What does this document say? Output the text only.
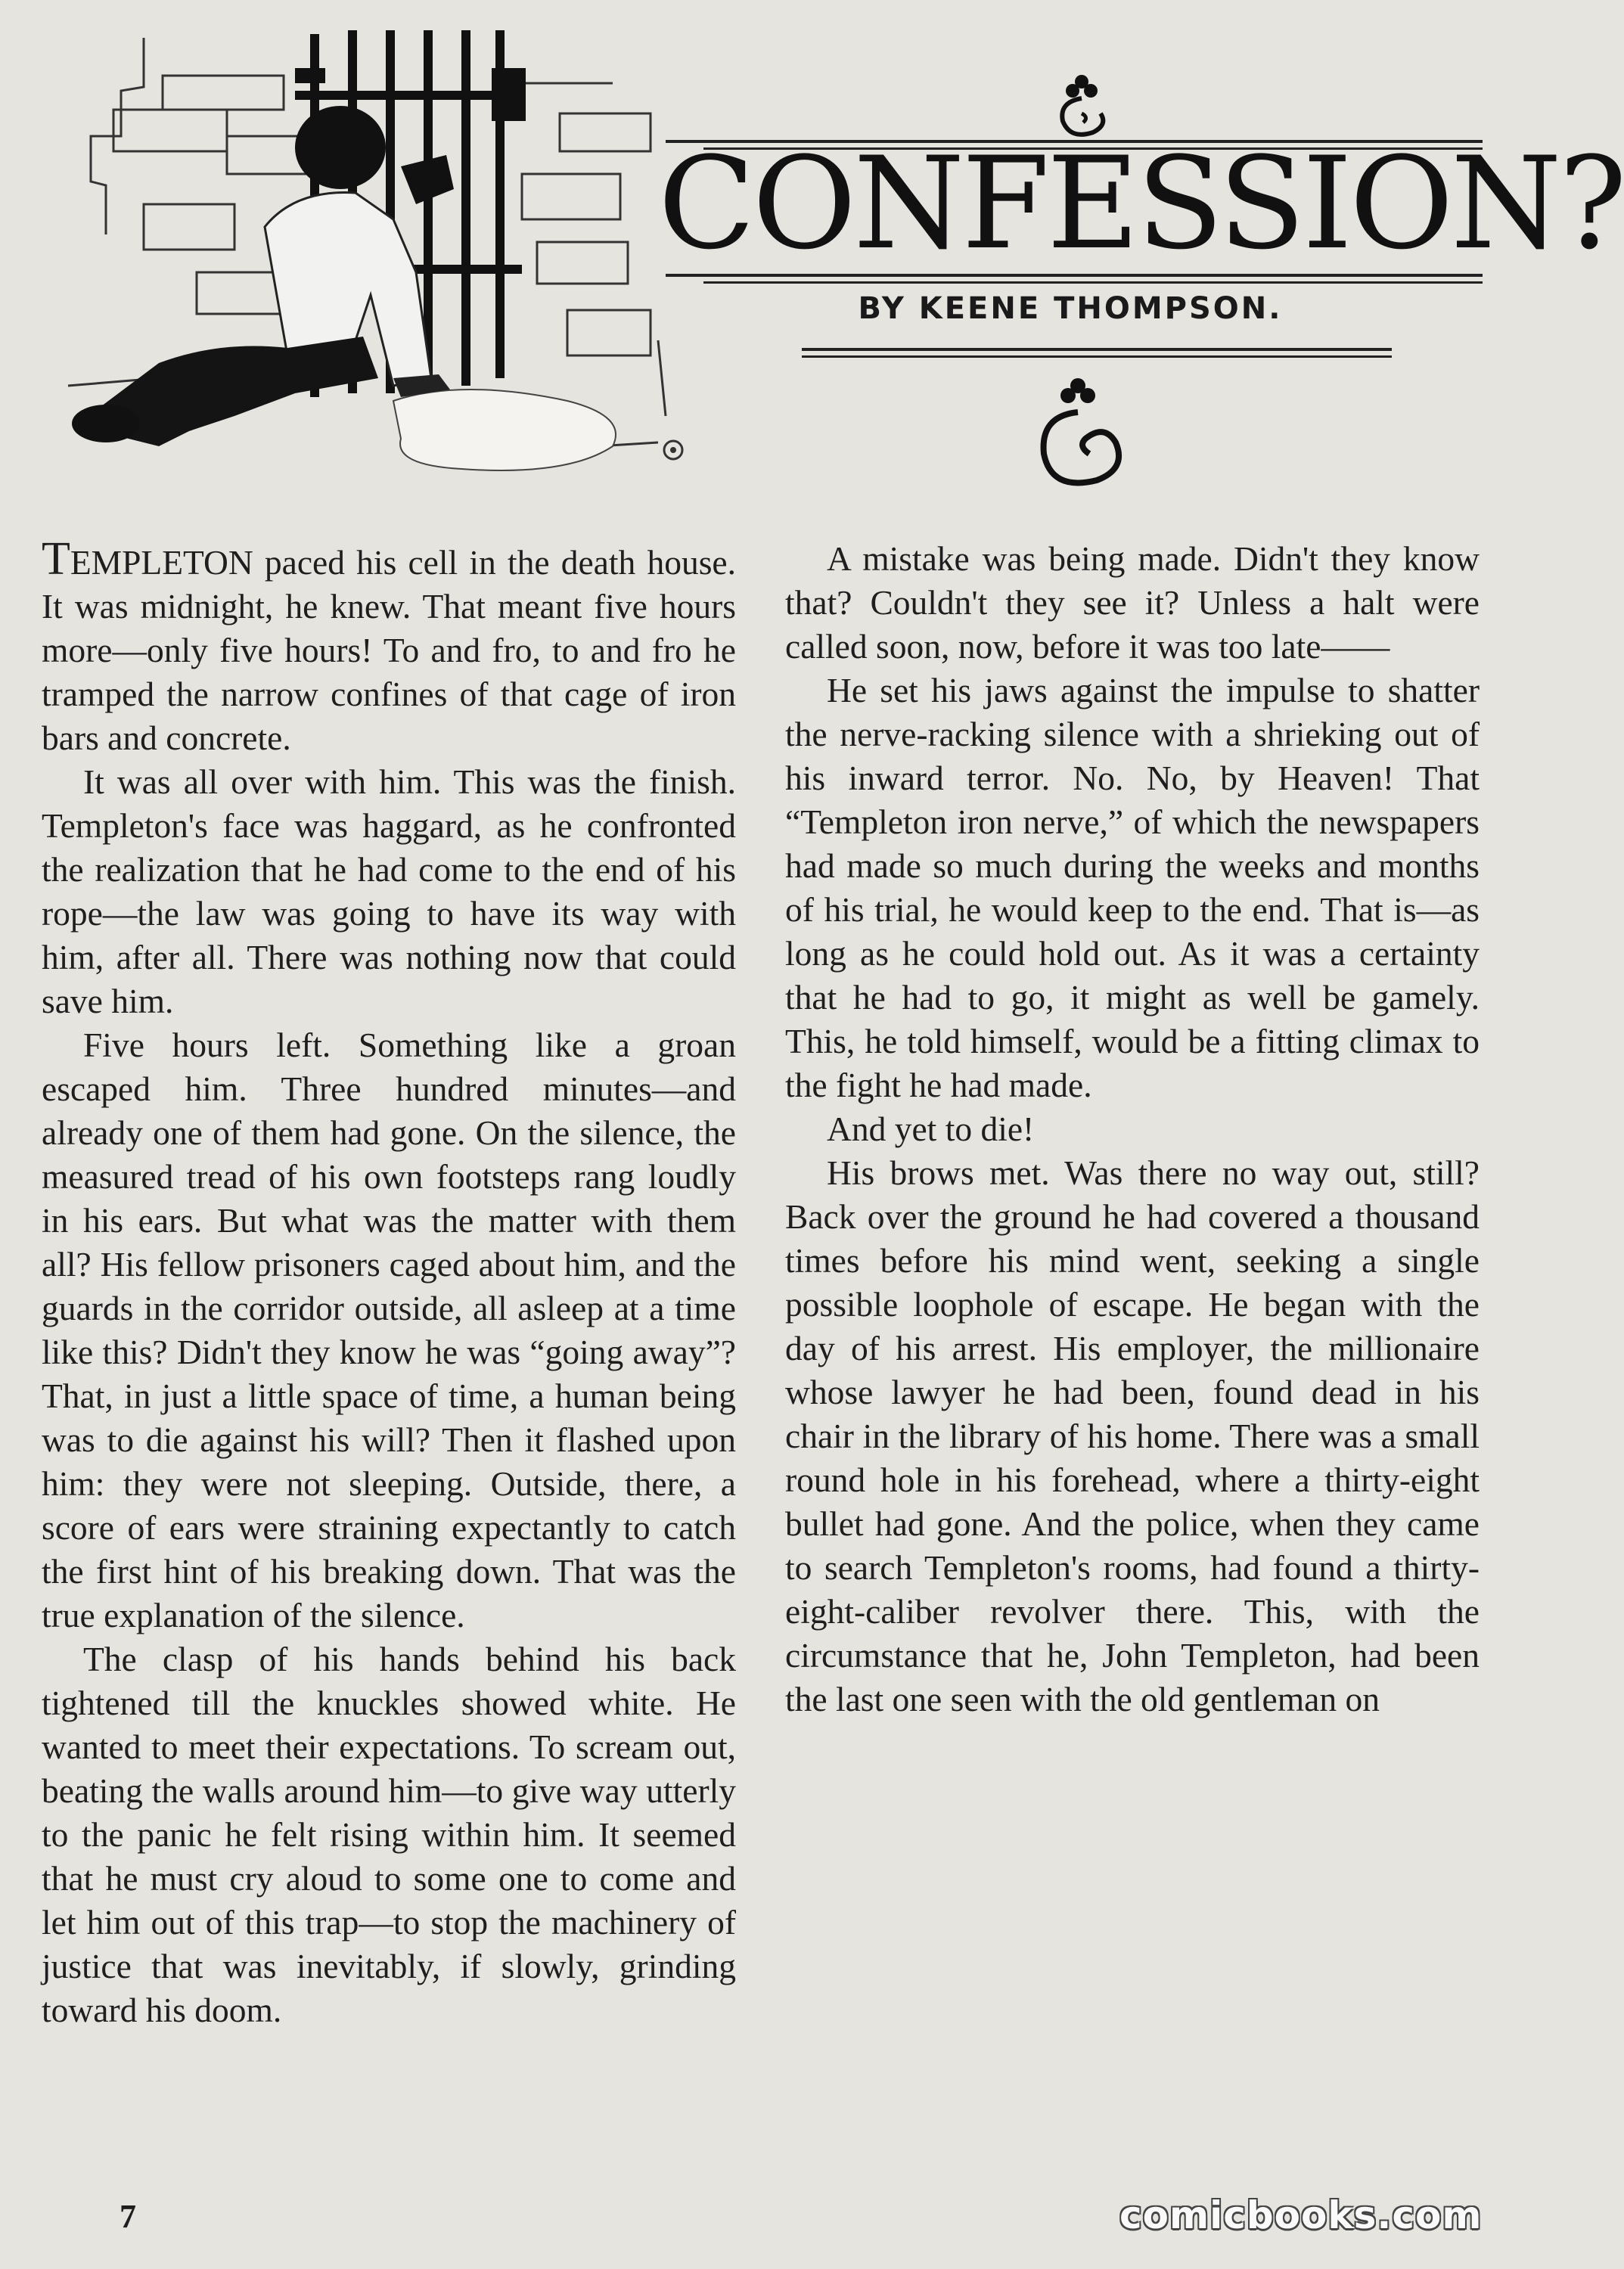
CONFESSION?
BY KEENE THOMPSON.

TEMPLETON paced his cell in the death house. It was midnight, he knew. That meant five hours more—only five hours! To and fro, to and fro he tramped the narrow confines of that cage of iron bars and concrete.

It was all over with him. This was the finish. Templeton's face was haggard, as he confronted the realization that he had come to the end of his rope—the law was going to have its way with him, after all. There was nothing now that could save him.

Five hours left. Something like a groan escaped him. Three hundred minutes—and already one of them had gone. On the silence, the measured tread of his own footsteps rang loudly in his ears. But what was the matter with them all? His fellow prisoners caged about him, and the guards in the corridor outside, all asleep at a time like this? Didn't they know he was “going away”? That, in just a little space of time, a human being was to die against his will? Then it flashed upon him: they were not sleeping. Outside, there, a score of ears were straining expectantly to catch the first hint of his breaking down. That was the true explanation of the silence.

The clasp of his hands behind his back tightened till the knuckles showed white. He wanted to meet their expectations. To scream out, beating the walls around him—to give way utterly to the panic he felt rising within him. It seemed that he must cry aloud to some one to come and let him out of this trap—to stop the machinery of justice that was inevitably, if slowly, grinding toward his doom.

A mistake was being made. Didn't they know that? Couldn't they see it? Unless a halt were called soon, now, before it was too late——

He set his jaws against the impulse to shatter the nerve-racking silence with a shrieking out of his inward terror. No. No, by Heaven! That “Templeton iron nerve,” of which the newspapers had made so much during the weeks and months of his trial, he would keep to the end. That is—as long as he could hold out. As it was a certainty that he had to go, it might as well be gamely. This, he told himself, would be a fitting climax to the fight he had made.

And yet to die!

His brows met. Was there no way out, still? Back over the ground he had covered a thousand times before his mind went, seeking a single possible loophole of escape. He began with the day of his arrest. His employer, the millionaire whose lawyer he had been, found dead in his chair in the library of his home. There was a small round hole in his forehead, where a thirty-eight bullet had gone. And the police, when they came to search Templeton's rooms, had found a thirty-eight-caliber revolver there. This, with the circumstance that he, John Templeton, had been the last one seen with the old gentleman on

7	comicbooks.com
